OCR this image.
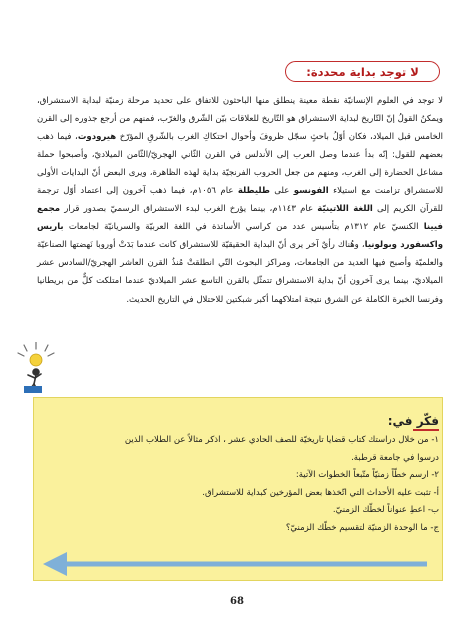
لا توجد بداية محددة:

لا توجد في العلوم الإنسانيّة نقطة معينة ينطلق منها الباحثون للاتفاق على تحديد مرحلة زمنيّة لبداية الاستشراق، ويمكنُ القولُ إنّ التّاريخ لبداية الاستشراق هو التّاريخ للعلاقات بيّن الشّرق والغرّب، فمنهم من أرجع جذوره إلى القرن الخامس قبل الميلاد، فكان أوّلُ باحثٍ سجّل ظروفَ وأحوال احتكاكِ الغرب بالشّرقِ المؤرّخ هيرودوت، فيما ذهب بعضهم للقول: إنّه بدأ عندما وصل العرب إلى الأندلس في القرن الثّاني الهجريّ/الثّامن الميلاديّ، وأصبحوا حملة مشاعل الحضارة إلى الغرب، ومنهم من جعل الحروب الفرنجيّة بداية لهذه الظاهرة، ويرى البعض أنّ البدايات الأولى للاستشراق تزامنت مع استيلاء الفونسو على طليطلة عام ١٠٥٦م، فيما ذهب آخرون إلى اعتماد أوّل ترجمة للقرآن الكريم إلى اللغة اللاتينيّة عام ١١٤٣م، بينما يؤرخ الغرب لبدء الاستشراق الرسميّ بصدور قرار مجمع فيينا الكنسيّ عام ١٣١٢م بتأسيس عدد من كراسي الأساتذة في اللغة العربيّة والسريانيّة لجامعات باريس واكسفورد وبولونيا، وهُناك رأيٌ آخر يرى أنّ البداية الحقيقيّة للاستشراق كانت عندما بَدَتْ أوروبا نَهضتها الصناعيّة والعلميّة وأصبح فيها العديد من الجامعات، ومراكز البحوث التّي انطلقتْ مُنذُ القرن العاشر الهجريّ/السادس عشر الميلاديّ، بينما يرى آخرون أنّ بداية الاستشراق تتمثّل بالقرن التاسع عشر الميلاديّ عندما امتلكت كلٌّ من بريطانيا وفرنسا الخبرة الكاملة عن الشرق نتيجة امتلاكهما أكبر شبكتين للاحتلال في التاريخ الحديث.

فكّر في:

١- من خلال دراستك كتاب قضايا تاريخيّة للصف الحادي عشر ، اذكر مثالاً عن الطلاب الذين

درسوا في جامعة قرطبة.

٢- ارسم خطّاً زمنيّاً متّبعاً الخطوات الآتية:

أ- تثبت عليه الأحداث التي اتّخذها بعض المؤرخين كبداية للاستشراق.

ب- اعطِ عنواناً لخطّك الزمنيّ.

ج- ما الوحدة الزمنيّة لتقسيم خطّك الزمنيّ؟

68
